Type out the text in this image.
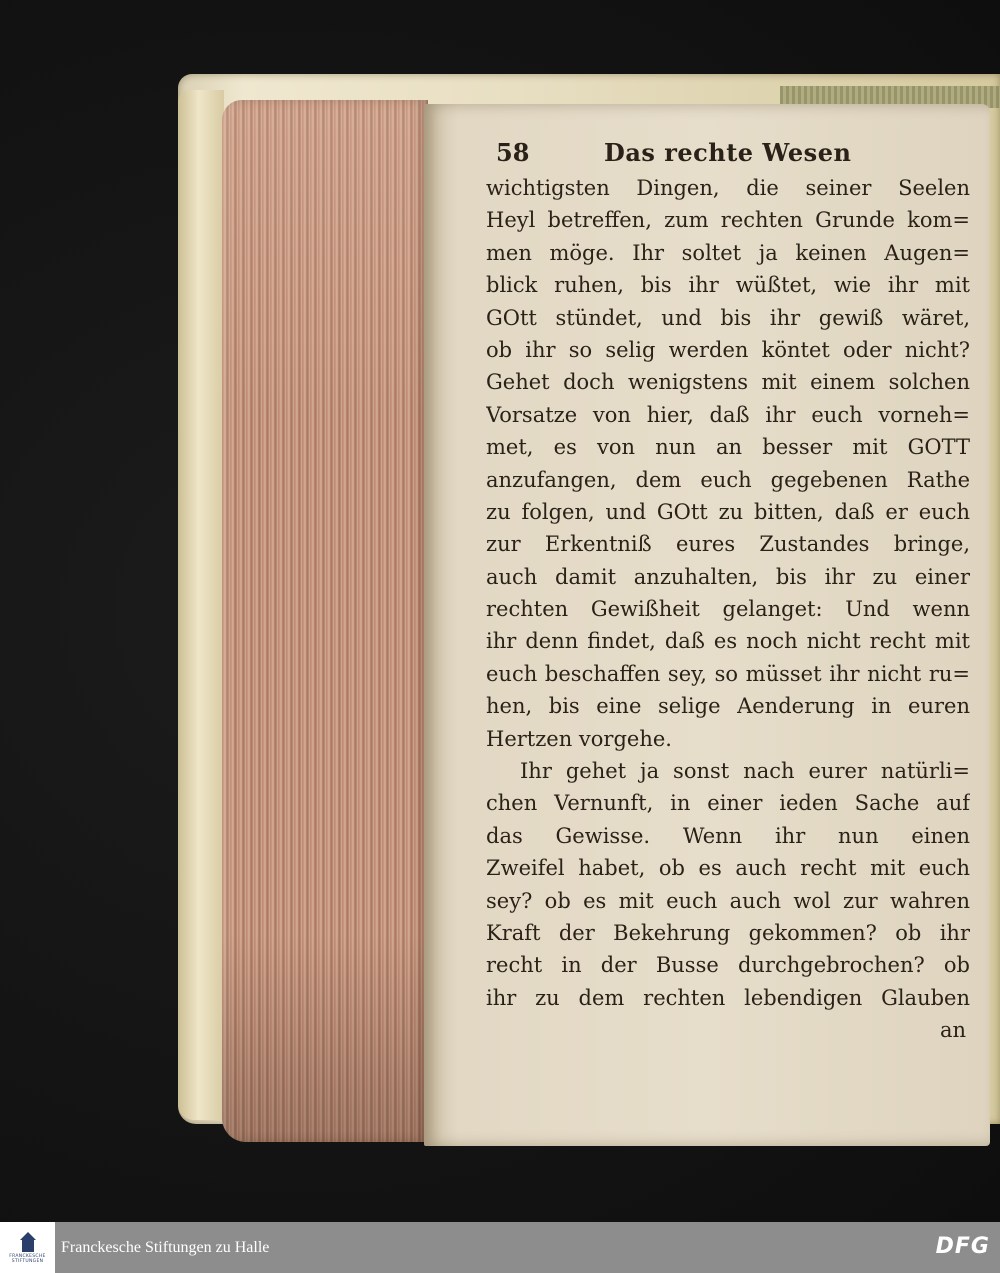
58	Das rechte Wesen
wichtigsten Dingen, die seiner Seelen
Heyl betreffen, zum rechten Grunde kom=
men möge. Ihr soltet ja keinen Augen=
blick ruhen, bis ihr wüßtet, wie ihr mit
GOtt stündet, und bis ihr gewiß wäret,
ob ihr so selig werden köntet oder nicht?
Gehet doch wenigstens mit einem solchen
Vorsatze von hier, daß ihr euch vorneh=
met, es von nun an besser mit GOTT
anzufangen, dem euch gegebenen Rathe
zu folgen, und GOtt zu bitten, daß er euch
zur Erkentniß eures Zustandes bringe,
auch damit anzuhalten, bis ihr zu einer
rechten Gewißheit gelanget: Und wenn
ihr denn findet, daß es noch nicht recht mit
euch beschaffen sey, so müsset ihr nicht ru=
hen, bis eine selige Aenderung in euren
Hertzen vorgehe.
Ihr gehet ja sonst nach eurer natürli=
chen Vernunft, in einer ieden Sache auf
das Gewisse. Wenn ihr nun einen
Zweifel habet, ob es auch recht mit euch
sey? ob es mit euch auch wol zur wahren
Kraft der Bekehrung gekommen? ob ihr
recht in der Busse durchgebrochen? ob
ihr zu dem rechten lebendigen Glauben
an
FRANCKESCHE
STIFTUNGEN
Franckesche Stiftungen zu Halle	DFG
